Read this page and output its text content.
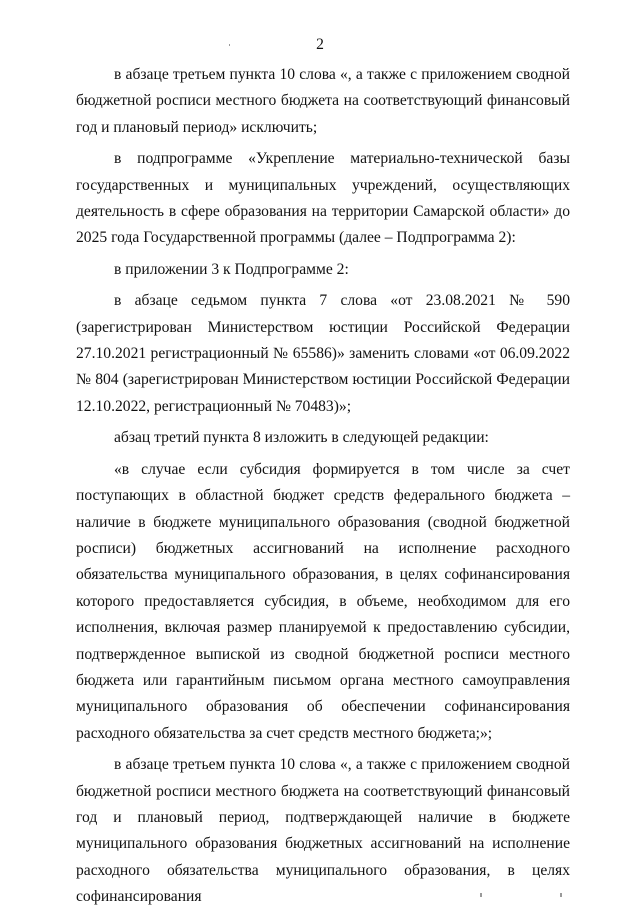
2

в абзаце третьем пункта 10 слова «, а также с приложением сводной бюджетной росписи местного бюджета на соответствующий финансовый год и плановый период» исключить;

в подпрограмме «Укрепление материально-технической базы государственных и муниципальных учреждений, осуществляющих деятельность в сфере образования на территории Самарской области» до 2025 года Государственной программы (далее – Подпрограмма 2):

в приложении 3 к Подпрограмме 2:

в абзаце седьмом пункта 7 слова «от 23.08.2021 № 590 (зарегистрирован Министерством юстиции Российской Федерации 27.10.2021 регистрационный № 65586)» заменить словами «от 06.09.2022 № 804 (зарегистрирован Министерством юстиции Российской Федерации 12.10.2022, регистрационный № 70483)»;

абзац третий пункта 8 изложить в следующей редакции:

«в случае если субсидия формируется в том числе за счет поступающих в областной бюджет средств федерального бюджета – наличие в бюджете муниципального образования (сводной бюджетной росписи) бюджетных ассигнований на исполнение расходного обязательства муниципального образования, в целях софинансирования которого предоставляется субсидия, в объеме, необходимом для его исполнения, включая размер планируемой к предоставлению субсидии, подтвержденное выпиской из сводной бюджетной росписи местного бюджета или гарантийным письмом органа местного самоуправления муниципального образования об обеспечении софинансирования расходного обязательства за счет средств местного бюджета;»;

в абзаце третьем пункта 10 слова «, а также с приложением сводной бюджетной росписи местного бюджета на соответствующий финансовый год и плановый период, подтверждающей наличие в бюджете муниципального образования бюджетных ассигнований на исполнение расходного обязательства муниципального образования, в целях софинансирования
